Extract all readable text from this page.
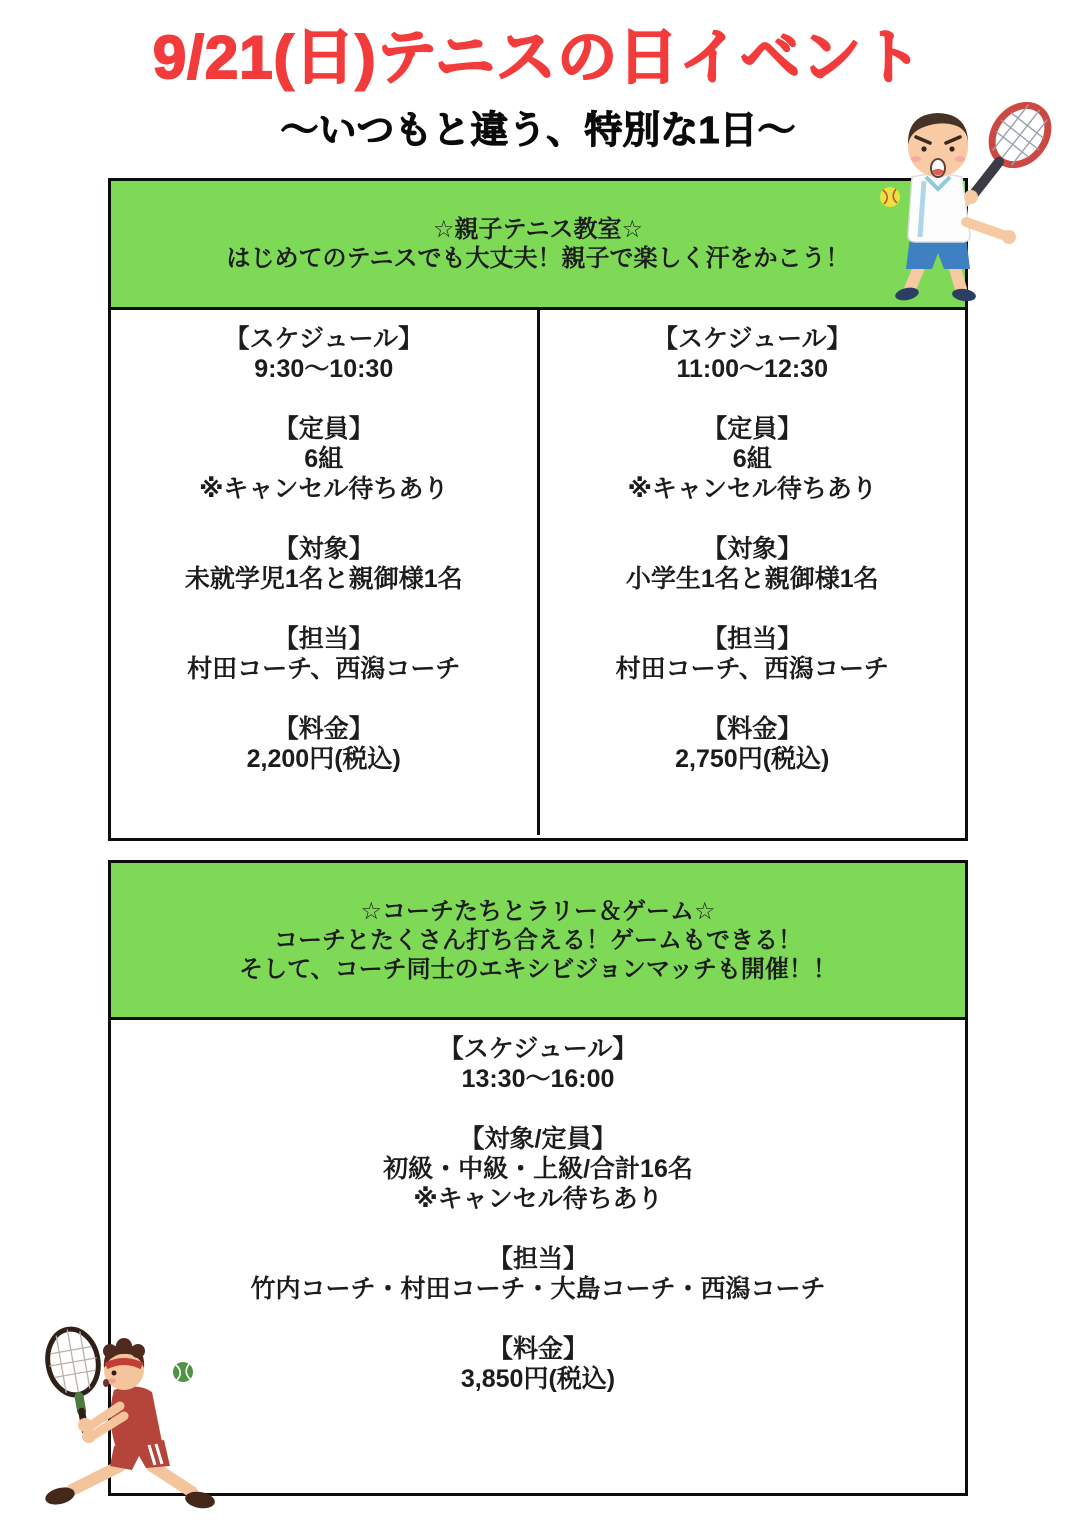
9/21(日)テニスの日イベント
〜いつもと違う、特別な1日〜
☆親子テニス教室☆
はじめてのテニスでも大丈夫！親子で楽しく汗をかこう！
【スケジュール】
9:30〜10:30
【定員】
6組
※キャンセル待ちあり
【対象】
未就学児1名と親御様1名
【担当】
村田コーチ、西潟コーチ
【料金】
2,200円(税込)
【スケジュール】
11:00〜12:30
【定員】
6組
※キャンセル待ちあり
【対象】
小学生1名と親御様1名
【担当】
村田コーチ、西潟コーチ
【料金】
2,750円(税込)
☆コーチたちとラリー＆ゲーム☆
コーチとたくさん打ち合える！ゲームもできる！
そして、コーチ同士のエキシビジョンマッチも開催！！
【スケジュール】
13:30〜16:00
【対象/定員】
初級・中級・上級/合計16名
※キャンセル待ちあり
【担当】
竹内コーチ・村田コーチ・大島コーチ・西潟コーチ
【料金】
3,850円(税込)
